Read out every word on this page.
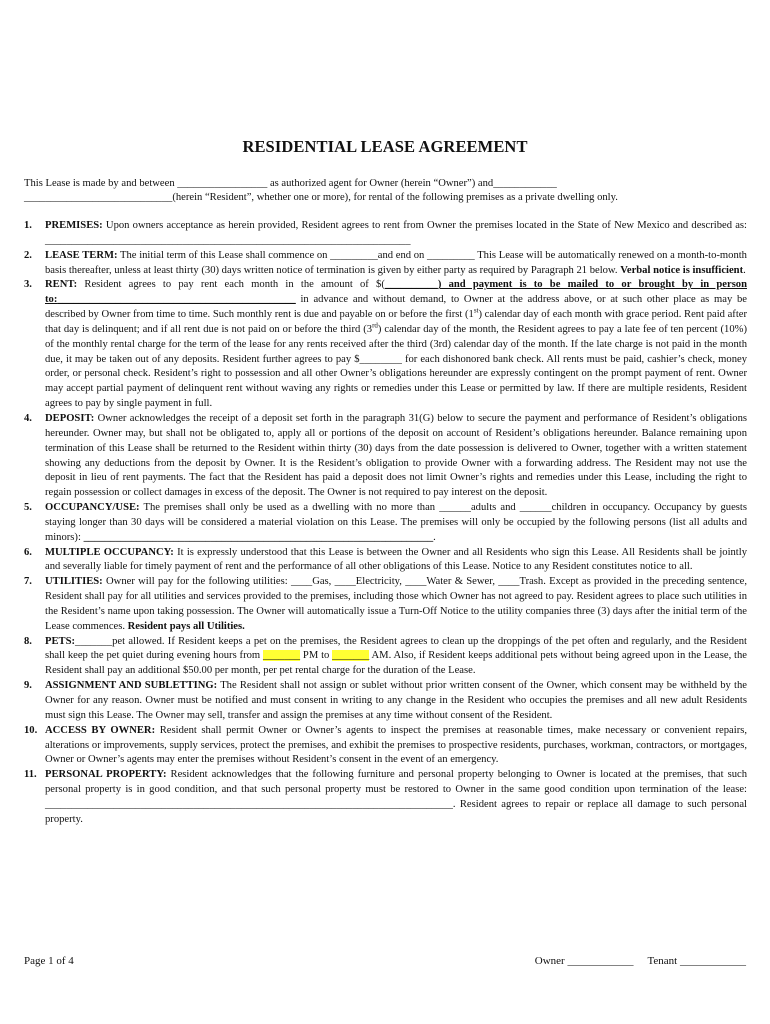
RESIDENTIAL LEASE AGREEMENT
This Lease is made by and between _________________ as authorized agent for Owner (herein “Owner”) and____________
____________________________(herein “Resident”, whether one or more), for rental of the following premises as a private dwelling only.
1.	PREMISES: Upon owners acceptance as herein provided, Resident agrees to rent from Owner the premises located in the State of New Mexico and described as: _____________________________________________________________________
2.	LEASE TERM: The initial term of this Lease shall commence on _________and end on _________ This Lease will be automatically renewed on a month-to-month basis thereafter, unless at least thirty (30) days written notice of termination is given by either party as required by Paragraph 21 below. Verbal notice is insufficient.
3.	RENT: Resident agrees to pay rent each month in the amount of $(__________) and payment is to be mailed to or brought by in person to:_____________________________________________ in advance and without demand, to Owner at the address above, or at such other place as may be described by Owner from time to time. Such monthly rent is due and payable on or before the first (1st) calendar day of each month with grace period. Rent paid after that day is delinquent; and if all rent due is not paid on or before the third (3rd) calendar day of the month, the Resident agrees to pay a late fee of ten percent (10%) of the monthly rental charge for the term of the lease for any rents received after the third (3rd) calendar day of the month. If the late charge is not paid in the month due, it may be taken out of any deposits. Resident further agrees to pay $________ for each dishonored bank check. All rents must be paid, cashier’s check, money order, or personal check. Resident’s right to possession and all other Owner’s obligations hereunder are expressly contingent on the prompt payment of rent. Owner may accept partial payment of delinquent rent without waving any rights or remedies under this Lease or permitted by law. If there are multiple residents, Resident agrees to pay by single payment in full.
4.	DEPOSIT: Owner acknowledges the receipt of a deposit set forth in the paragraph 31(G) below to secure the payment and performance of Resident’s obligations hereunder. Owner may, but shall not be obligated to, apply all or portions of the deposit on account of Resident’s obligations hereunder. Balance remaining upon termination of this Lease shall be returned to the Resident within thirty (30) days from the date possession is delivered to Owner, together with a written statement showing any deductions from the deposit by Owner. It is the Resident’s obligation to provide Owner with a forwarding address. The Resident may not use the deposit in lieu of rent payments. The fact that the Resident has paid a deposit does not limit Owner’s rights and remedies under this Lease, including the right to regain possession or collect damages in excess of the deposit. The Owner is not required to pay interest on the deposit.
5.	OCCUPANCY/USE: The premises shall only be used as a dwelling with no more than ______adults and ______children in occupancy. Occupancy by guests staying longer than 30 days will be considered a material violation on this Lease. The premises will only be occupied by the following persons (list all adults and minors): __________________________________________________________________.
6.	MULTIPLE OCCUPANCY: It is expressly understood that this Lease is between the Owner and all Residents who sign this Lease. All Residents shall be jointly and severally liable for timely payment of rent and the performance of all other obligations of this Lease. Notice to any Resident constitutes notice to all.
7.	UTILITIES: Owner will pay for the following utilities: ____Gas, ____Electricity, ____Water & Sewer, ____Trash. Except as provided in the preceding sentence, Resident shall pay for all utilities and services provided to the premises, including those which Owner has not agreed to pay. Resident agrees to place such utilities in the Resident’s name upon taking possession. The Owner will automatically issue a Turn-Off Notice to the utility companies three (3) days after the initial term of the Lease commences. Resident pays all Utilities.
8.	PETS:_______pet allowed. If Resident keeps a pet on the premises, the Resident agrees to clean up the droppings of the pet often and regularly, and the Resident shall keep the pet quiet during evening hours from _______ PM to _______ AM. Also, if Resident keeps additional pets without being agreed upon in the Lease, the Resident shall pay an additional $50.00 per month, per pet rental charge for the duration of the Lease.
9.	ASSIGNMENT AND SUBLETTING: The Resident shall not assign or sublet without prior written consent of the Owner, which consent may be withheld by the Owner for any reason. Owner must be notified and must consent in writing to any change in the Resident who occupies the premises and all new adult Residents must sign this Lease. The Owner may sell, transfer and assign the premises at any time without consent of the Resident.
10. ACCESS BY OWNER: Resident shall permit Owner or Owner’s agents to inspect the premises at reasonable times, make necessary or convenient repairs, alterations or improvements, supply services, protect the premises, and exhibit the premises to prospective residents, purchases, workman, contractors, or mortgages, Owner or Owner’s agents may enter the premises without Resident’s consent in the event of an emergency.
11. PERSONAL PROPERTY: Resident acknowledges that the following furniture and personal property belonging to Owner is located at the premises, that such personal property is in good condition, and that such personal property must be restored to Owner in the same good condition upon termination of the lease: _____________________________________________________________________________. Resident agrees to repair or replace all damage to such personal property.
Page 1 of 4	Owner ____________ Tenant ____________
